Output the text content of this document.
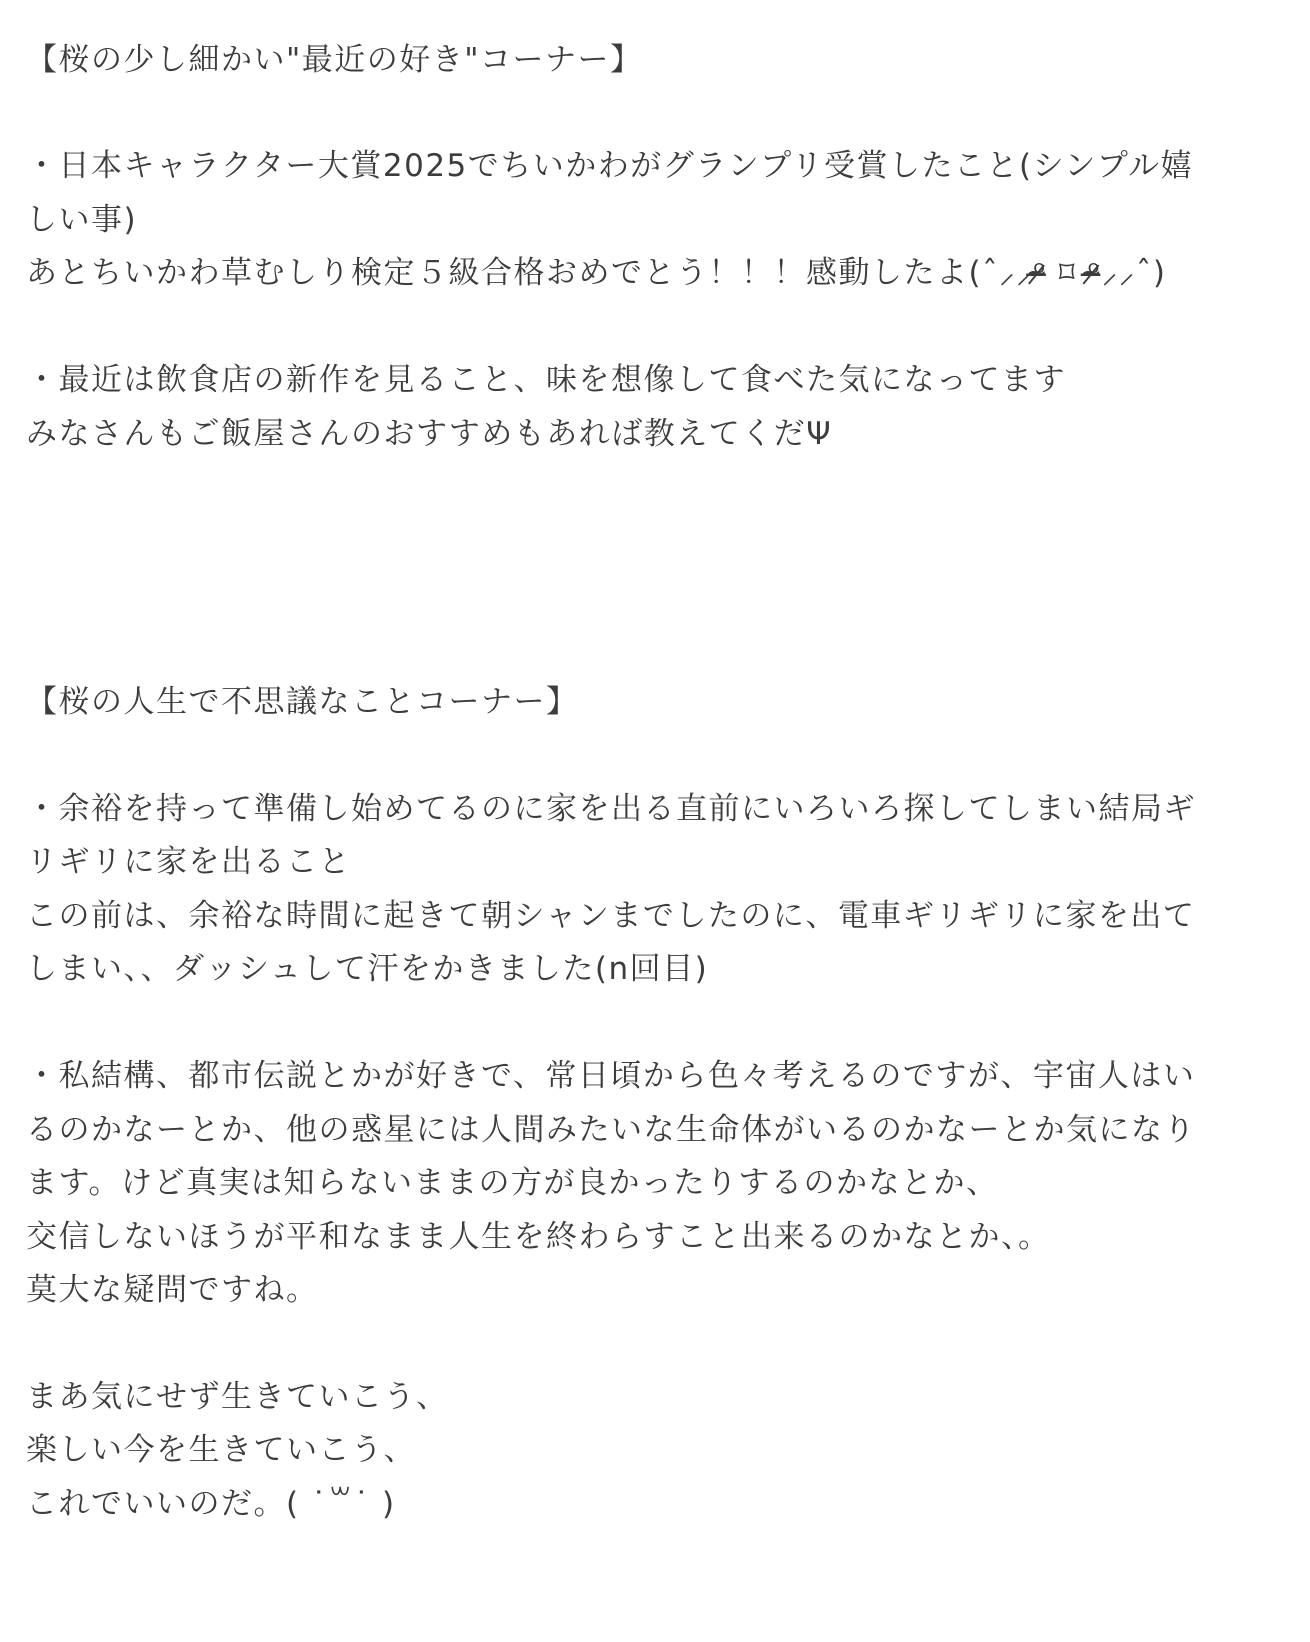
【桜の少し細かい"最近の好き"コーナー】
・日本キャラクター大賞2025でちいかわがグランプリ受賞したこと(シンプル嬉
しい事)
あとちいかわ草むしり検定５級合格おめでとう！！！感動したよ(ˆ⸝⸝ᵒ̴̶̷ ⌑ ᵒ̴̶̷⸝⸝ˆ)
・最近は飲食店の新作を見ること、味を想像して食べた気になってます
みなさんもご飯屋さんのおすすめもあれば教えてくだΨ
【桜の人生で不思議なことコーナー】
・余裕を持って準備し始めてるのに家を出る直前にいろいろ探してしまい結局ギ
リギリに家を出ること
この前は、余裕な時間に起きて朝シャンまでしたのに、電車ギリギリに家を出て
しまい、、ダッシュして汗をかきました(n回目)
・私結構、都市伝説とかが好きで、常日頃から色々考えるのですが、宇宙人はい
るのかなーとか、他の惑星には人間みたいな生命体がいるのかなーとか気になり
ます。けど真実は知らないままの方が良かったりするのかなとか、
交信しないほうが平和なまま人生を終わらすこと出来るのかなとか、。
莫大な疑問ですね。
まあ気にせず生きていこう、
楽しい今を生きていこう、
これでいいのだ。( ˙꒳˙ )
